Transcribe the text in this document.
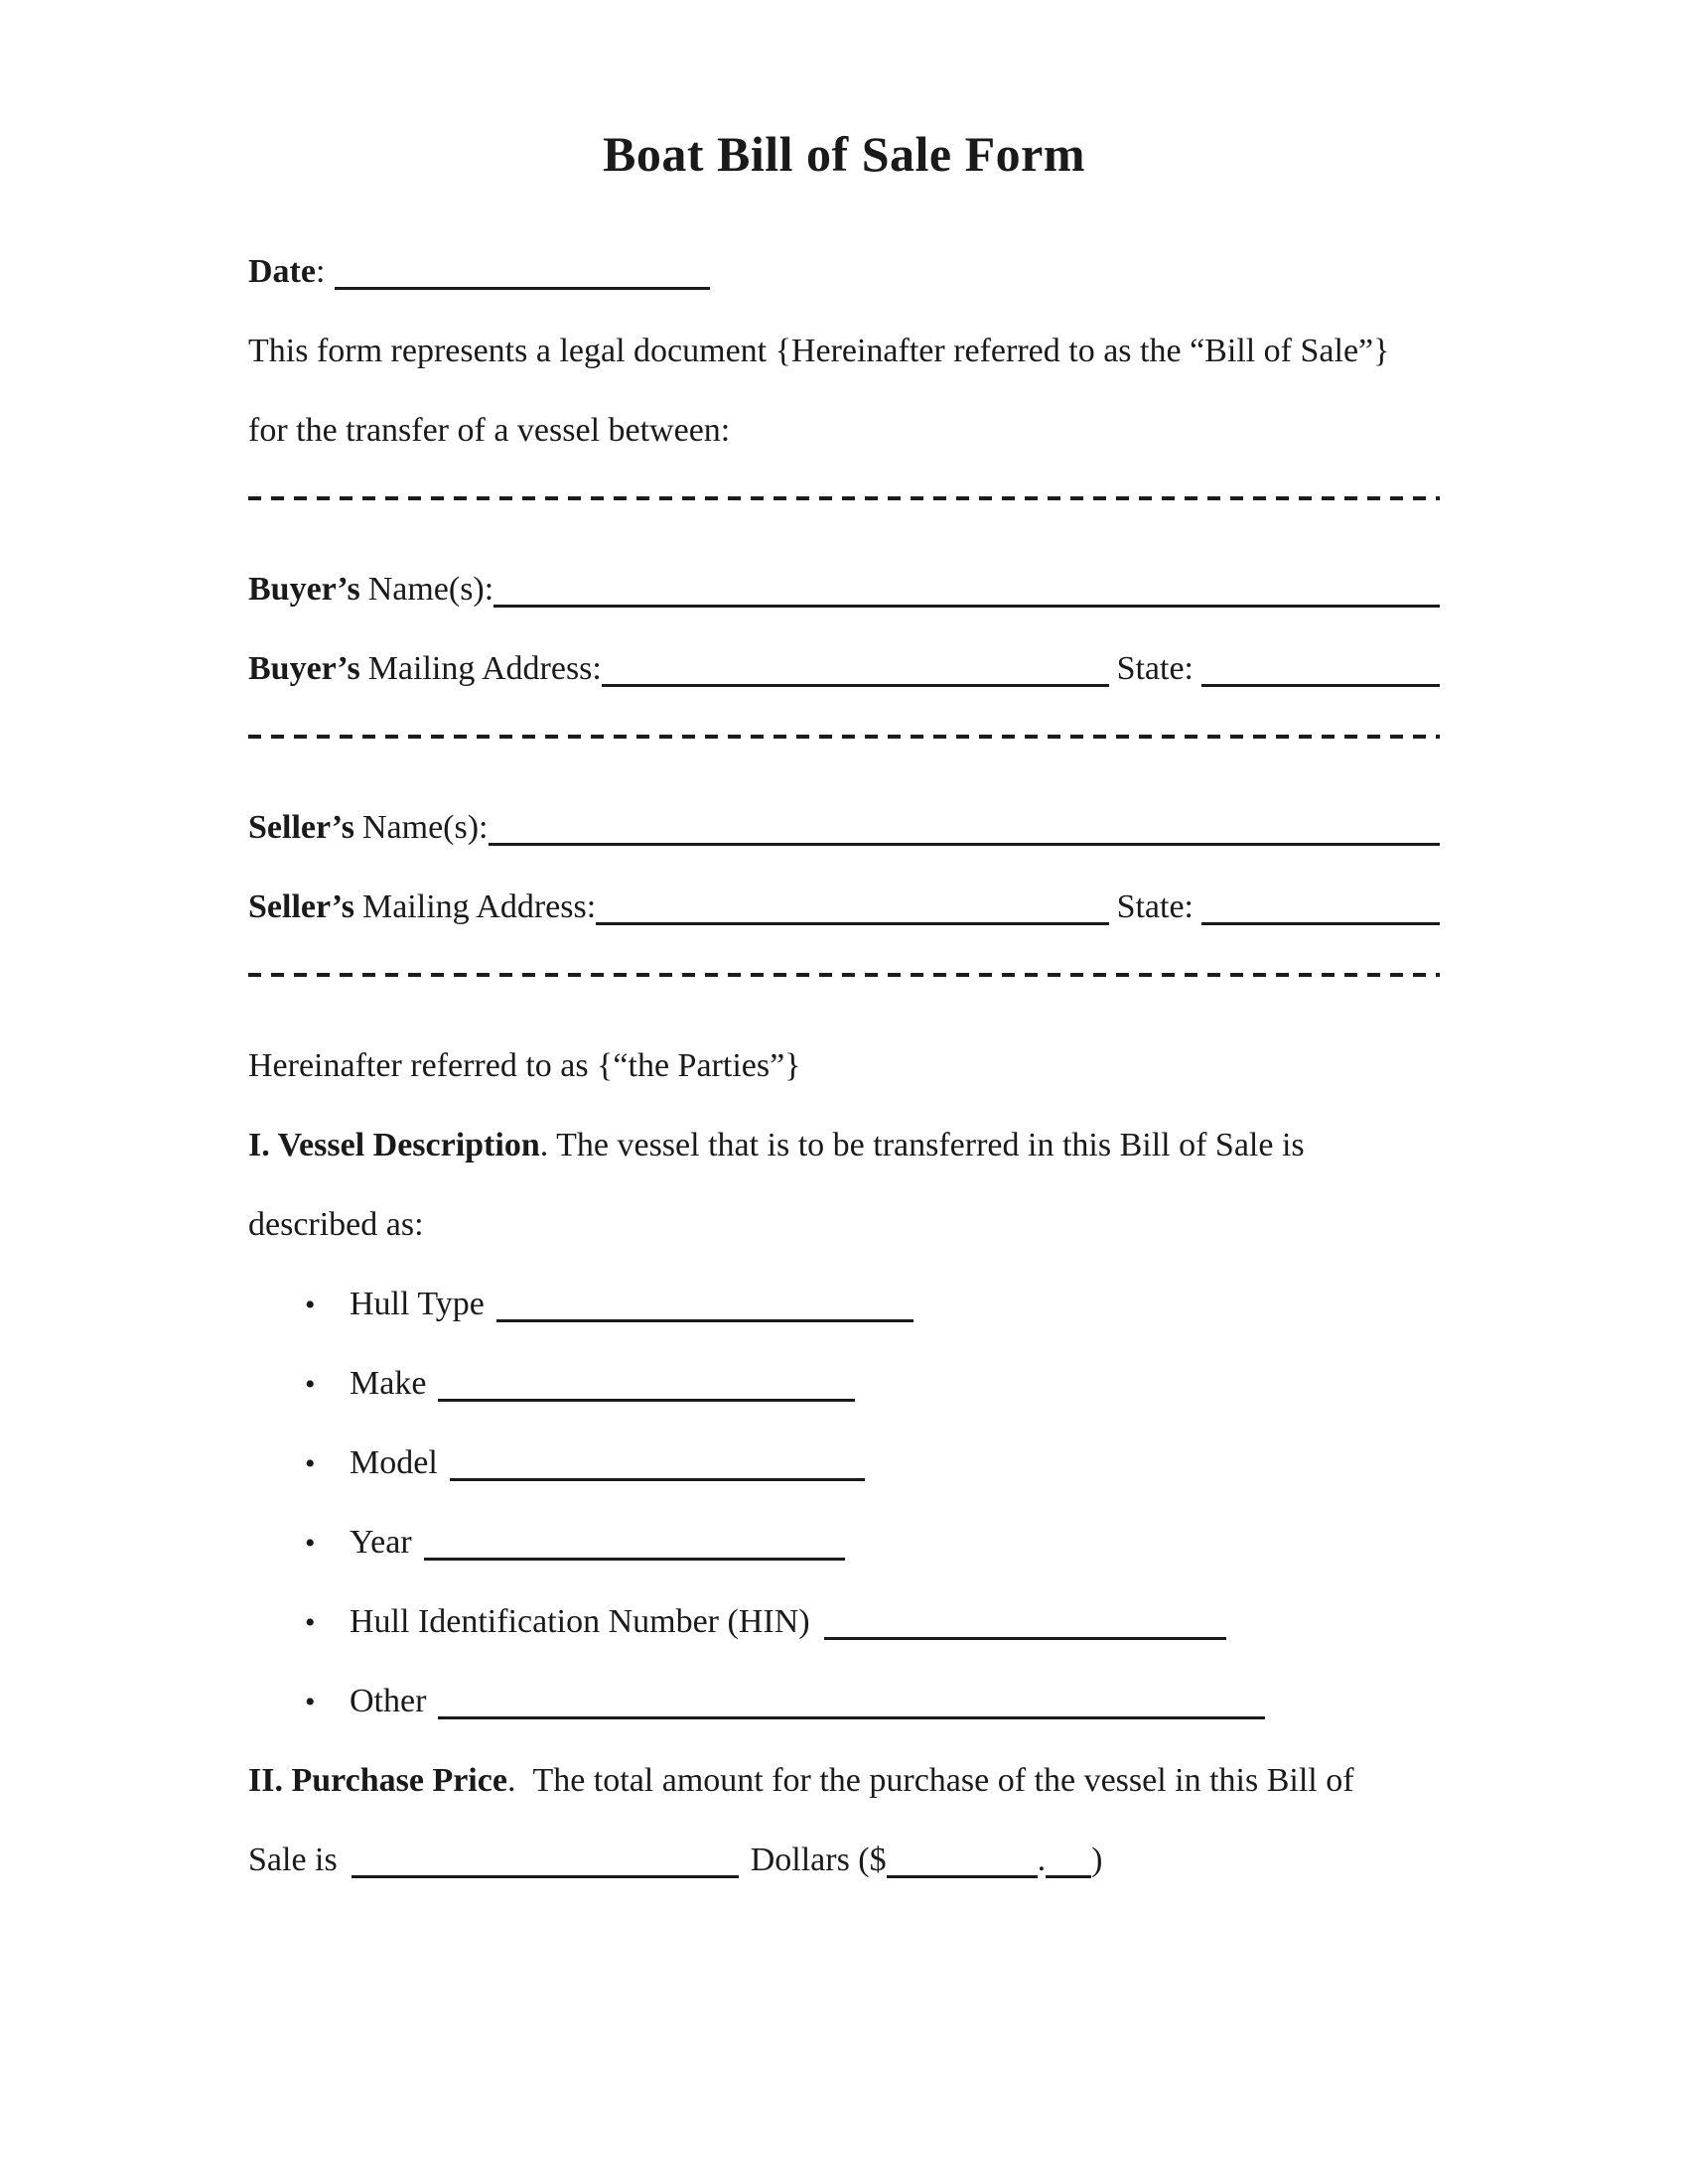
Boat Bill of Sale Form
Date:
This form represents a legal document {Hereinafter referred to as the “Bill of Sale”}
for the transfer of a vessel between:
Buyer’s Name(s):
Buyer’s Mailing Address:	State:
Seller’s Name(s):
Seller’s Mailing Address:	State:
Hereinafter referred to as {“the Parties”}
I. Vessel Description. The vessel that is to be transferred in this Bill of Sale is
described as:
• Hull Type
• Make
• Model
• Year
• Hull Identification Number (HIN)
• Other
II. Purchase Price.  The total amount for the purchase of the vessel in this Bill of
Sale is	Dollars ($	. )
